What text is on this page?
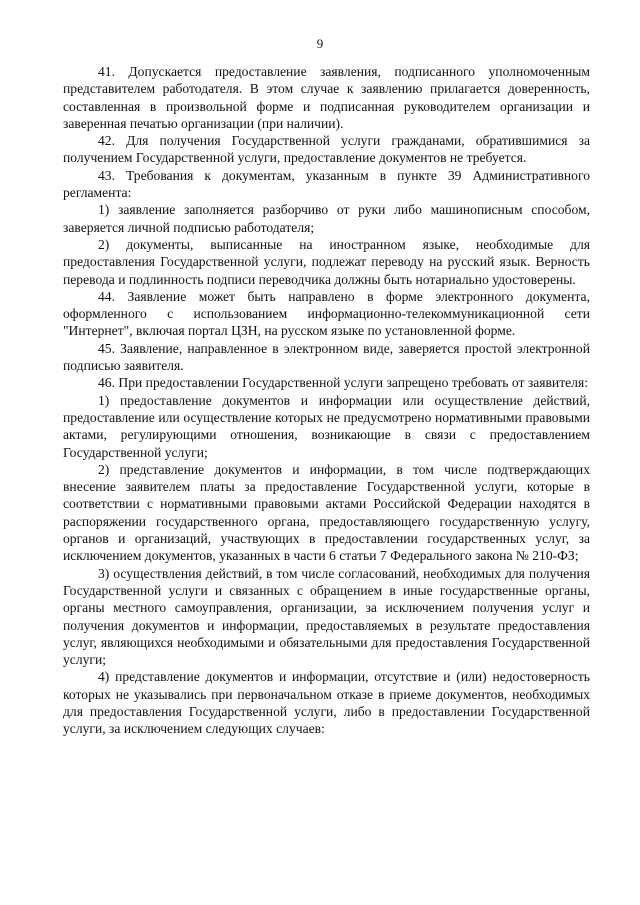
9

41. Допускается предоставление заявления, подписанного уполномоченным представителем работодателя. В этом случае к заявлению прилагается доверенность, составленная в произвольной форме и подписанная руководителем организации и заверенная печатью организации (при наличии).

42. Для получения Государственной услуги гражданами, обратившимися за получением Государственной услуги, предоставление документов не требуется.

43. Требования к документам, указанным в пункте 39 Административного регламента:

1) заявление заполняется разборчиво от руки либо машинописным способом, заверяется личной подписью работодателя;

2) документы, выписанные на иностранном языке, необходимые для предоставления Государственной услуги, подлежат переводу на русский язык. Верность перевода и подлинность подписи переводчика должны быть нотариально удостоверены.

44. Заявление может быть направлено в форме электронного документа, оформленного с использованием информационно-телекоммуникационной сети "Интернет", включая портал ЦЗН, на русском языке по установленной форме.

45. Заявление, направленное в электронном виде, заверяется простой электронной подписью заявителя.

46. При предоставлении Государственной услуги запрещено требовать от заявителя:

1) предоставление документов и информации или осуществление действий, предоставление или осуществление которых не предусмотрено нормативными правовыми актами, регулирующими отношения, возникающие в связи с предоставлением Государственной услуги;

2) представление документов и информации, в том числе подтверждающих внесение заявителем платы за предоставление Государственной услуги, которые в соответствии с нормативными правовыми актами Российской Федерации находятся в распоряжении государственного органа, предоставляющего государственную услугу, органов и организаций, участвующих в предоставлении государственных услуг, за исключением документов, указанных в части 6 статьи 7 Федерального закона № 210-ФЗ;

3) осуществления действий, в том числе согласований, необходимых для получения Государственной услуги и связанных с обращением в иные государственные органы, органы местного самоуправления, организации, за исключением получения услуг и получения документов и информации, предоставляемых в результате предоставления услуг, являющихся необходимыми и обязательными для предоставления Государственной услуги;

4) представление документов и информации, отсутствие и (или) недостоверность которых не указывались при первоначальном отказе в приеме документов, необходимых для предоставления Государственной услуги, либо в предоставлении Государственной услуги, за исключением следующих случаев:
